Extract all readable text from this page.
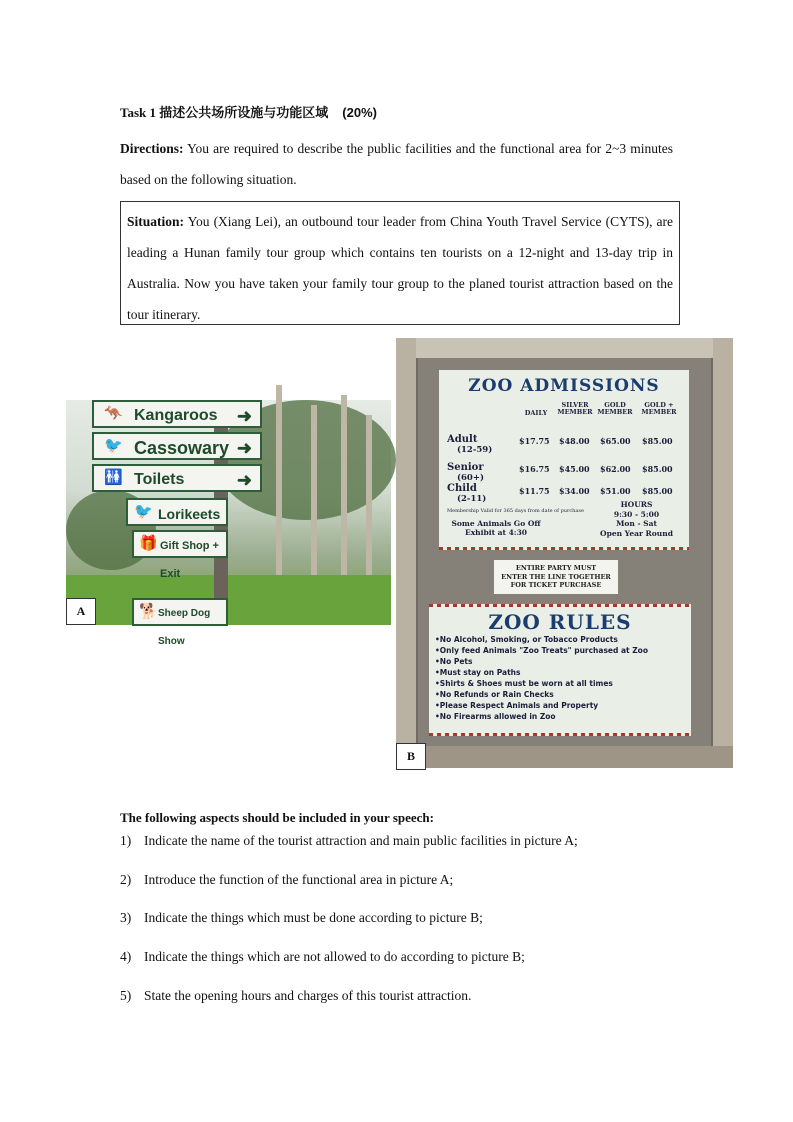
Task 1 描述公共场所设施与功能区域 (20%)
Directions: You are required to describe the public facilities and the functional area for 2~3 minutes based on the following situation.
Situation: You (Xiang Lei), an outbound tour leader from China Youth Travel Service (CYTS), are leading a Hunan family tour group which contains ten tourists on a 12-night and 13-day trip in Australia. Now you have taken your family tour group to the planed tourist attraction based on the tour itinerary.
🦘 Kangaroos ➜
🐦 Cassowary ➜
🚻 Toilets	➜
🐦 Lorikeets
🎁 Gift Shop + Exit
🐕 Sheep Dog Show
A
ZOO ADMISSIONS
DAILY
SILVER MEMBER
GOLD MEMBER
GOLD + MEMBER
Adult
(12-59)
$17.75 $48.00 $65.00 $85.00
Senior
(60+)
$16.75 $45.00 $62.00 $85.00
Child
(2-11)
$11.75 $34.00 $51.00 $85.00
Membership Valid for 365 days from date of purchase
Some Animals Go Off Exhibit at 4:30
HOURS
9:30 - 5:00
Mon - Sat
Open Year Round
ENTIRE PARTY MUST
ENTER THE LINE TOGETHER
FOR TICKET PURCHASE
ZOO RULES
•No Alcohol, Smoking, or Tobacco Products
•Only feed Animals "Zoo Treats" purchased at Zoo
•No Pets
•Must stay on Paths
•Shirts & Shoes must be worn at all times
•No Refunds or Rain Checks
•Please Respect Animals and Property
•No Firearms allowed in Zoo
B
The following aspects should be included in your speech:
1) Indicate the name of the tourist attraction and main public facilities in picture A;
2) Introduce the function of the functional area in picture A;
3) Indicate the things which must be done according to picture B;
4) Indicate the things which are not allowed to do according to picture B;
5) State the opening hours and charges of this tourist attraction.
